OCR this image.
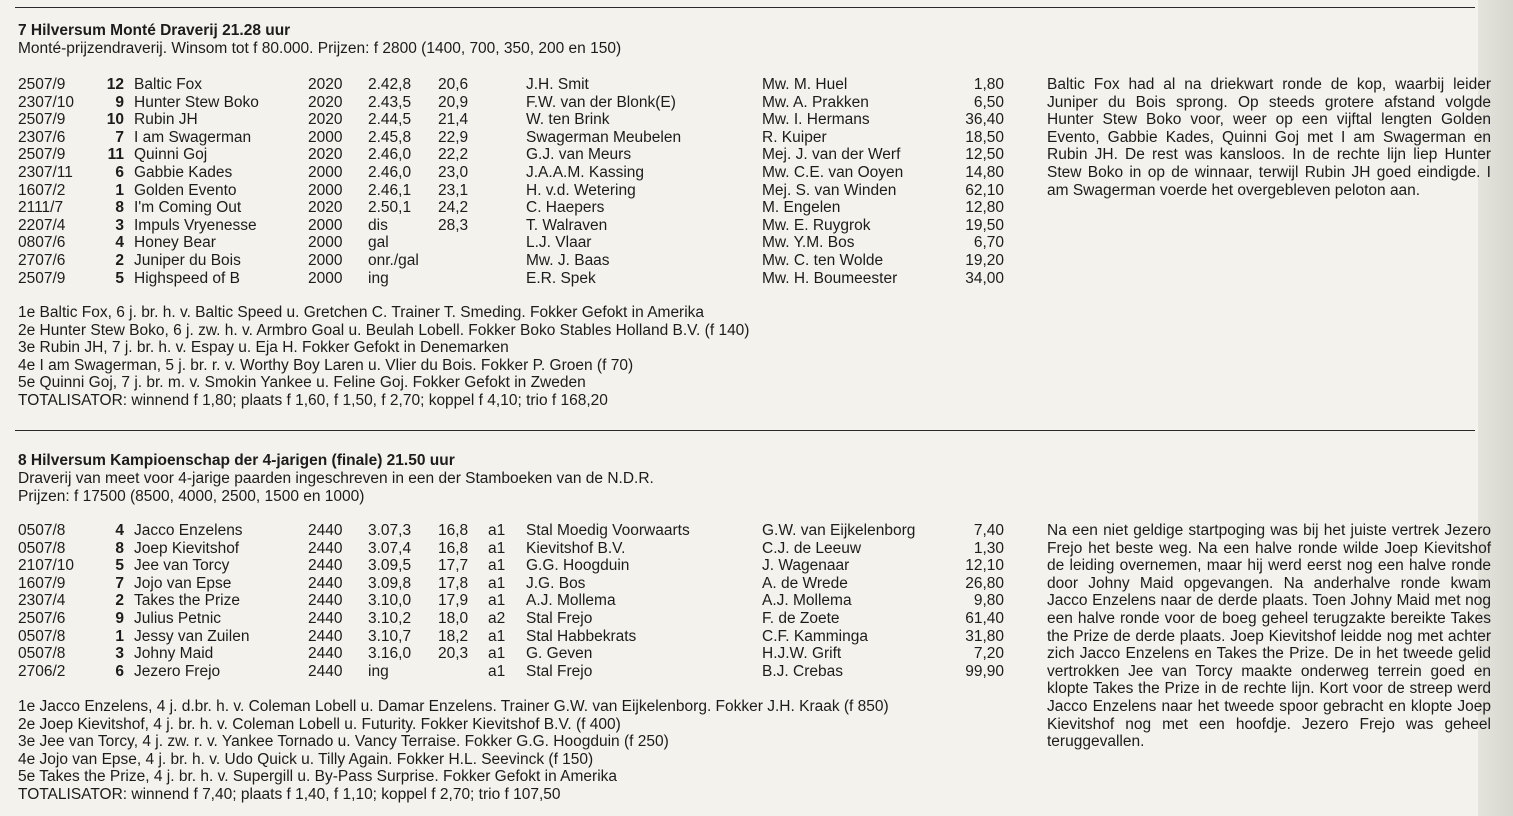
7 Hilversum Monté Draverij 21.28 uur
Monté-prijzendraverij. Winsom tot f 80.000. Prijzen: f 2800 (1400, 700, 350, 200 en 150)
2507/9	12	Baltic Fox	2020	2.42,8	20,6		J.H. Smit	Mw. M. Huel	1,80
2307/10	9	Hunter Stew Boko	2020	2.43,5	20,9		F.W. van der Blonk(E)	Mw. A. Prakken	6,50
2507/9	10	Rubin JH	2020	2.44,5	21,4		W. ten Brink	Mw. I. Hermans	36,40
2307/6	7	I am Swagerman	2000	2.45,8	22,9		Swagerman Meubelen	R. Kuiper	18,50
2507/9	11	Quinni Goj	2020	2.46,0	22,2		G.J. van Meurs	Mej. J. van der Werf	12,50
2307/11	6	Gabbie Kades	2000	2.46,0	23,0		J.A.A.M. Kassing	Mw. C.E. van Ooyen	14,80
1607/2	1	Golden Evento	2000	2.46,1	23,1		H. v.d. Wetering	Mej. S. van Winden	62,10
2111/7	8	I'm Coming Out	2020	2.50,1	24,2		C. Haepers	M. Engelen	12,80
2207/4	3	Impuls Vryenesse	2000	dis	28,3		T. Walraven	Mw. E. Ruygrok	19,50
0807/6	4	Honey Bear	2000	gal			L.J. Vlaar	Mw. Y.M. Bos	6,70
2707/6	2	Juniper du Bois	2000	onr./gal			Mw. J. Baas	Mw. C. ten Wolde	19,20
2507/9	5	Highspeed of B	2000	ing			E.R. Spek	Mw. H. Boumeester	34,00
1e Baltic Fox, 6 j. br. h. v. Baltic Speed u. Gretchen C. Trainer T. Smeding. Fokker Gefokt in Amerika
2e Hunter Stew Boko, 6 j. zw. h. v. Armbro Goal u. Beulah Lobell. Fokker Boko Stables Holland B.V. (f 140)
3e Rubin JH, 7 j. br. h. v. Espay u. Eja H. Fokker Gefokt in Denemarken
4e I am Swagerman, 5 j. br. r. v. Worthy Boy Laren u. Vlier du Bois. Fokker P. Groen (f 70)
5e Quinni Goj, 7 j. br. m. v. Smokin Yankee u. Feline Goj. Fokker Gefokt in Zweden
TOTALISATOR: winnend f 1,80; plaats f 1,60, f 1,50, f 2,70; koppel f 4,10; trio f 168,20
Baltic Fox had al na driekwart ronde de kop, waarbij leider Juniper du Bois sprong. Op steeds grotere afstand volgde Hunter Stew Boko voor, weer op een vijftal lengten Golden Evento, Gabbie Kades, Quinni Goj met I am Swagerman en Rubin JH. De rest was kansloos. In de rechte lijn liep Hunter Stew Boko in op de winnaar, terwijl Rubin JH goed eindigde. I am Swagerman voerde het overgebleven peloton aan.
8 Hilversum Kampioenschap der 4-jarigen (finale) 21.50 uur
Draverij van meet voor 4-jarige paarden ingeschreven in een der Stamboeken van de N.D.R.
Prijzen: f 17500 (8500, 4000, 2500, 1500 en 1000)
0507/8	4	Jacco Enzelens	2440	3.07,3	16,8	a1	Stal Moedig Voorwaarts	G.W. van Eijkelenborg	7,40
0507/8	8	Joep Kievitshof	2440	3.07,4	16,8	a1	Kievitshof B.V.	C.J. de Leeuw	1,30
2107/10	5	Jee van Torcy	2440	3.09,5	17,7	a1	G.G. Hoogduin	J. Wagenaar	12,10
1607/9	7	Jojo van Epse	2440	3.09,8	17,8	a1	J.G. Bos	A. de Wrede	26,80
2307/4	2	Takes the Prize	2440	3.10,0	17,9	a1	A.J. Mollema	A.J. Mollema	9,80
2507/6	9	Julius Petnic	2440	3.10,2	18,0	a2	Stal Frejo	F. de Zoete	61,40
0507/8	1	Jessy van Zuilen	2440	3.10,7	18,2	a1	Stal Habbekrats	C.F. Kamminga	31,80
0507/8	3	Johny Maid	2440	3.16,0	20,3	a1	G. Geven	H.J.W. Grift	7,20
2706/2	6	Jezero Frejo	2440	ing		a1	Stal Frejo	B.J. Crebas	99,90
1e Jacco Enzelens, 4 j. d.br. h. v. Coleman Lobell u. Damar Enzelens. Trainer G.W. van Eijkelenborg. Fokker J.H. Kraak (f 850)
2e Joep Kievitshof, 4 j. br. h. v. Coleman Lobell u. Futurity. Fokker Kievitshof B.V. (f 400)
3e Jee van Torcy, 4 j. zw. r. v. Yankee Tornado u. Vancy Terraise. Fokker G.G. Hoogduin (f 250)
4e Jojo van Epse, 4 j. br. h. v. Udo Quick u. Tilly Again. Fokker H.L. Seevinck (f 150)
5e Takes the Prize, 4 j. br. h. v. Supergill u. By-Pass Surprise. Fokker Gefokt in Amerika
TOTALISATOR: winnend f 7,40; plaats f 1,40, f 1,10; koppel f 2,70; trio f 107,50
Na een niet geldige startpoging was bij het juiste vertrek Jezero Frejo het beste weg. Na een halve ronde wilde Joep Kievitshof de leiding overnemen, maar hij werd eerst nog een halve ronde door Johny Maid opgevangen. Na anderhalve ronde kwam Jacco Enzelens naar de derde plaats. Toen Johny Maid met nog een halve ronde voor de boeg geheel terugzakte bereikte Takes the Prize de derde plaats. Joep Kievitshof leidde nog met achter zich Jacco Enzelens en Takes the Prize. De in het tweede gelid vertrokken Jee van Torcy maakte onderweg terrein goed en klopte Takes the Prize in de rechte lijn. Kort voor de streep werd Jacco Enzelens naar het tweede spoor gebracht en klopte Joep Kievitshof nog met een hoofdje. Jezero Frejo was geheel teruggevallen.
